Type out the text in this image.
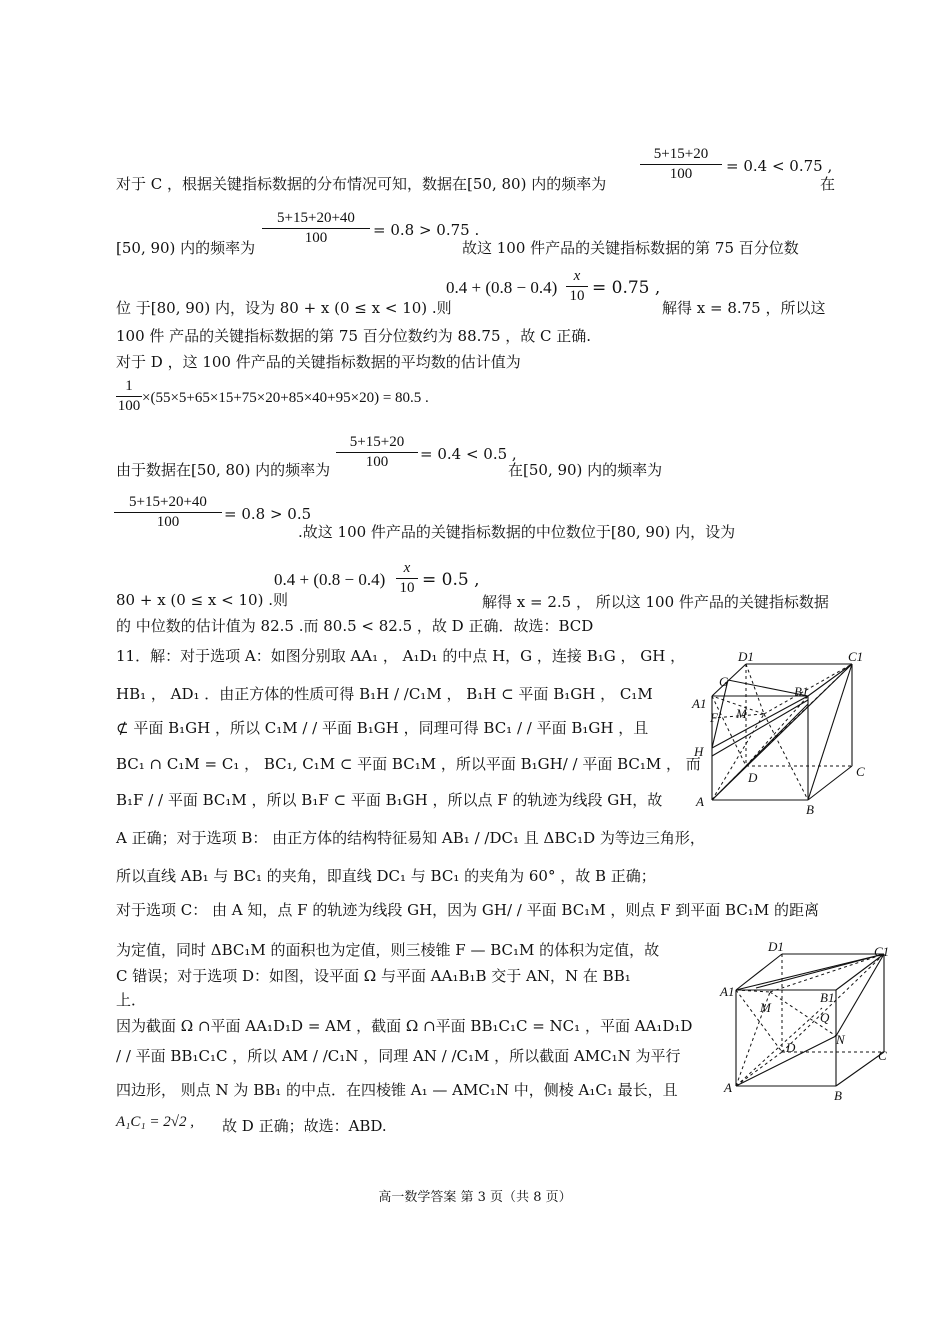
5+15+20
100	= 0.4 < 0.75 ,
对于 C ，根据关键指标数据的分布情况可知，数据在[50, 80) 内的频率为	在
5+15+20+40
100	= 0.8 > 0.75 .
[50, 90) 内的频率为	故这 100 件产品的关键指标数据的第 75 百分位数
0.4 + (0.8 − 0.4)
x
10 = 0.75 ,
位 于[80, 90) 内，设为 80 + x (0 ≤ x < 10) .则	解得 x = 8.75 ，所以这
100 件 产品的关键指标数据的第 75 百分位数约为 88.75 ，故 C 正确.
对于 D ，这 100 件产品的关键指标数据的平均数的估计值为
1
100 ×(55×5+65×15+75×20+85×40+95×20) = 80.5 .
5+15+20
100	= 0.4 < 0.5 ,
由于数据在[50, 80) 内的频率为	在[50, 90) 内的频率为
5+15+20+40
100	= 0.8 > 0.5
.故这 100 件产品的关键指标数据的中位数位于[80, 90) 内，设为
0.4 + (0.8 − 0.4)
x
10 = 0.5 ,
80 + x (0 ≤ x < 10) .则	解得 x = 2.5 ， 所以这 100 件产品的关键指标数据
的 中位数的估计值为 82.5 .而 80.5 < 82.5 ，故 D 正确．故选：BCD
11．解：对于选项 A：如图分别取 AA₁ ， A₁D₁ 的中点 H，G ，连接 B₁G ， GH ，
HB₁ ， AD₁ ．由正方体的性质可得 B₁H / /C₁M ， B₁H ⊂ 平面 B₁GH ， C₁M
⊄ 平面 B₁GH ，所以 C₁M / / 平面 B₁GH ，同理可得 BC₁ / / 平面 B₁GH ，且
BC₁ ∩ C₁M = C₁ ， BC₁, C₁M ⊂ 平面 BC₁M ，所以平面 B₁GH/ / 平面 BC₁M ， 而
B₁F / / 平面 BC₁M ，所以 B₁F ⊂ 平面 B₁GH ，所以点 F 的轨迹为线段 GH，故
A 正确；对于选项 B： 由正方体的结构特征易知 AB₁ / /DC₁ 且 ΔBC₁D 为等边三角形，
所以直线 AB₁ 与 BC₁ 的夹角，即直线 DC₁ 与 BC₁ 的夹角为 60° ，故 B 正确；
对于选项 C： 由 A 知，点 F 的轨迹为线段 GH，因为 GH/ / 平面 BC₁M ，则点 F 到平面 BC₁M 的距离
为定值，同时 ΔBC₁M 的面积也为定值，则三棱锥 F — BC₁M 的体积为定值，故
C 错误；对于选项 D：如图，设平面 Ω 与平面 AA₁B₁B 交于 AN，N 在 BB₁
上．
因为截面 Ω ∩平面 AA₁D₁D = AM ，截面 Ω ∩平面 BB₁C₁C = NC₁ ，平面 AA₁D₁D
/ / 平面 BB₁C₁C ，所以 AM / /C₁N ，同理 AN / /C₁M ，所以截面 AMC₁N 为平行
四边形， 则点 N 为 BB₁ 的中点．在四棱锥 A₁ — AMC₁N 中，侧棱 A₁C₁ 最长，且
A₁C₁ = 2√2 , 故 D 正确；故选：ABD.
D1	C1
G
B1
A1
F M
H
D	C
A
B
D1	C1
A1	B1
M
Q
N
D
C
A
B
高一数学答案 第 3 页（共 8 页）
